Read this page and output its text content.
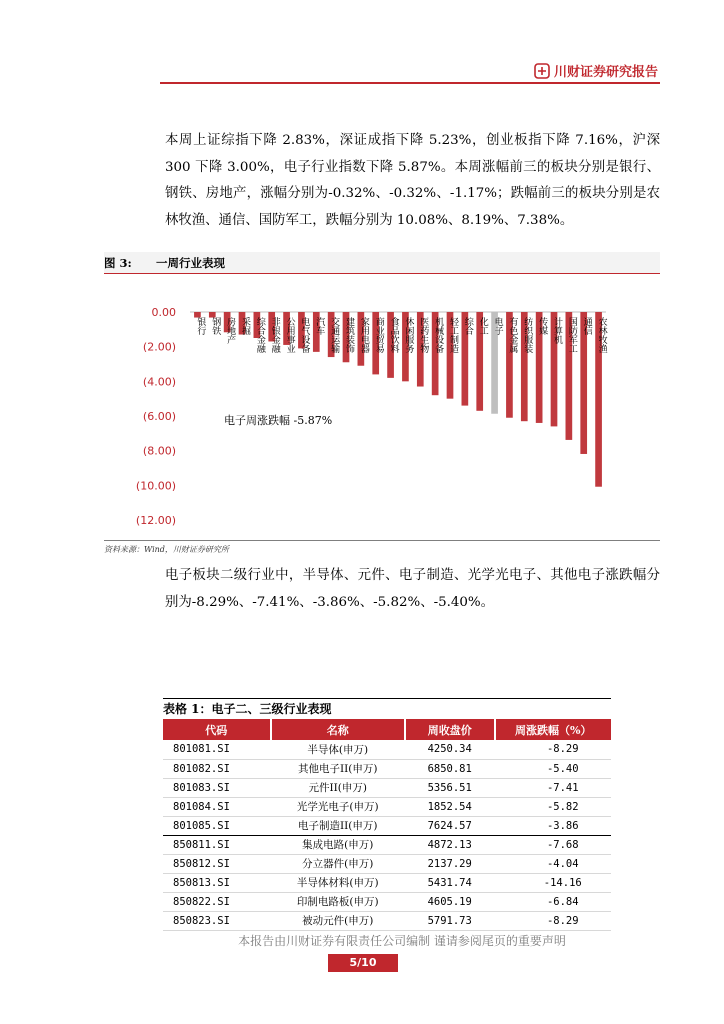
川财证券研究报告

本周上证综指下降 2.83%，深证成指下降 5.23%，创业板指下降 7.16%，沪深 300 下降 3.00%，电子行业指数下降 5.87%。本周涨幅前三的板块分别是银行、钢铁、房地产，涨幅分别为-0.32%、-0.32%、-1.17%；跌幅前三的板块分别是农林牧渔、通信、国防军工，跌幅分别为 10.08%、8.19%、7.38%。

图 3:	一周行业表现
0.00
(2.00)
(4.00)
(6.00)
(8.00)
(10.00)
(12.00)
银行 钢铁 房地产 采掘 综合金融 非银金融 公用事业 电气设备 汽车 交通运输 建筑装饰 家用电器 商业贸易 食品饮料 休闲服务 医药生物 机械设备 轻工制造 综合 化工 电子 有色金属 纺织服装 传媒 计算机 国防军工 通信 农林牧渔
电子周涨跌幅 -5.87%
资料来源：Wind，川财证券研究所

电子板块二级行业中，半导体、元件、电子制造、光学光电子、其他电子涨跌幅分别为-8.29%、-7.41%、-3.86%、-5.82%、-5.40%。

表格 1：电子二、三级行业表现
代码	名称	周收盘价	周涨跌幅（%）
801081.SI	半导体(申万)	4250.34	-8.29
801082.SI	其他电子II(申万)	6850.81	-5.40
801083.SI	元件II(申万)	5356.51	-7.41
801084.SI	光学光电子(申万)	1852.54	-5.82
801085.SI	电子制造II(申万)	7624.57	-3.86
850811.SI	集成电路(申万)	4872.13	-7.68
850812.SI	分立器件(申万)	2137.29	-4.04
850813.SI	半导体材料(申万)	5431.74	-14.16
850822.SI	印制电路板(申万)	4605.19	-6.84
850823.SI	被动元件(申万)	5791.73	-8.29
本报告由川财证券有限责任公司编制 谨请参阅尾页的重要声明
5/10
